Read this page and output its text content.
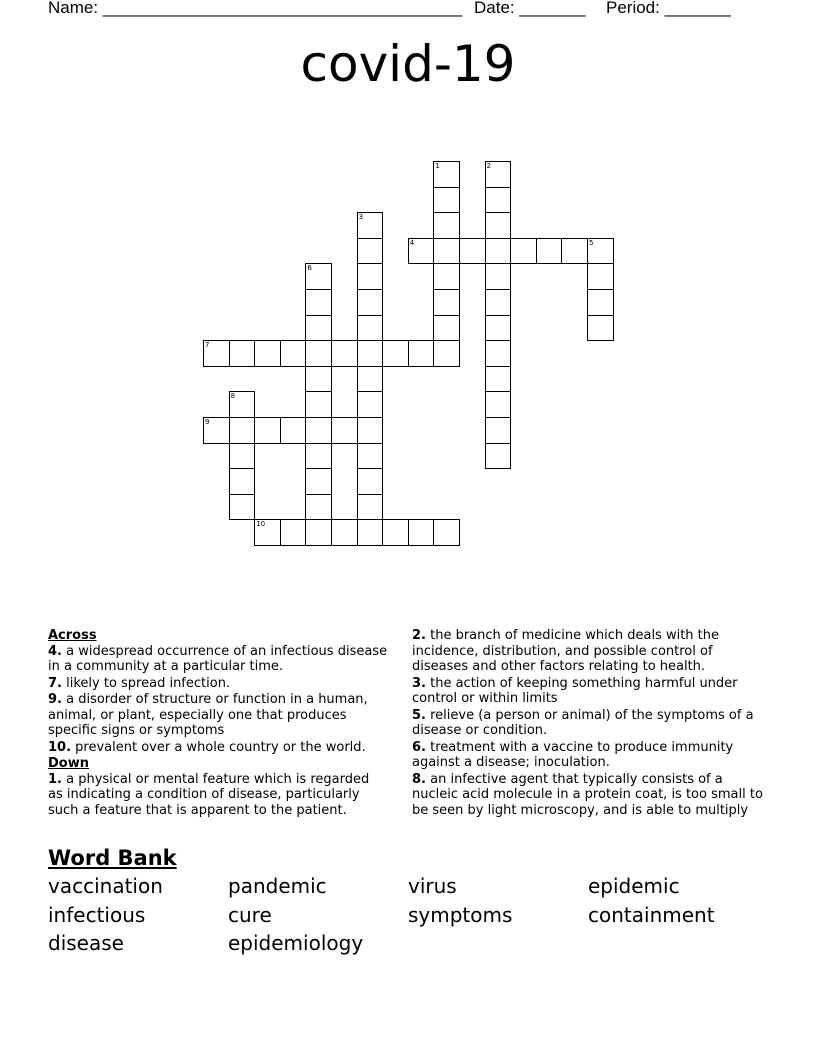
Name: ______________________________________ Date: _______ Period: _______
covid-19
1	2
3
4	5
6
7
8
9
10
Across
4. a widespread occurrence of an infectious disease in a community at a particular time.
7. likely to spread infection.
9. a disorder of structure or function in a human, animal, or plant, especially one that produces specific signs or symptoms
10. prevalent over a whole country or the world.
Down
1. a physical or mental feature which is regarded as indicating a condition of disease, particularly such a feature that is apparent to the patient.
2. the branch of medicine which deals with the incidence, distribution, and possible control of diseases and other factors relating to health.
3. the action of keeping something harmful under control or within limits
5. relieve (a person or animal) of the symptoms of a disease or condition.
6. treatment with a vaccine to produce immunity against a disease; inoculation.
8. an infective agent that typically consists of a nucleic acid molecule in a protein coat, is too small to be seen by light microscopy, and is able to multiply
Word Bank
vaccination	pandemic	virus	epidemic
infectious	cure	symptoms	containment
disease	epidemiology
